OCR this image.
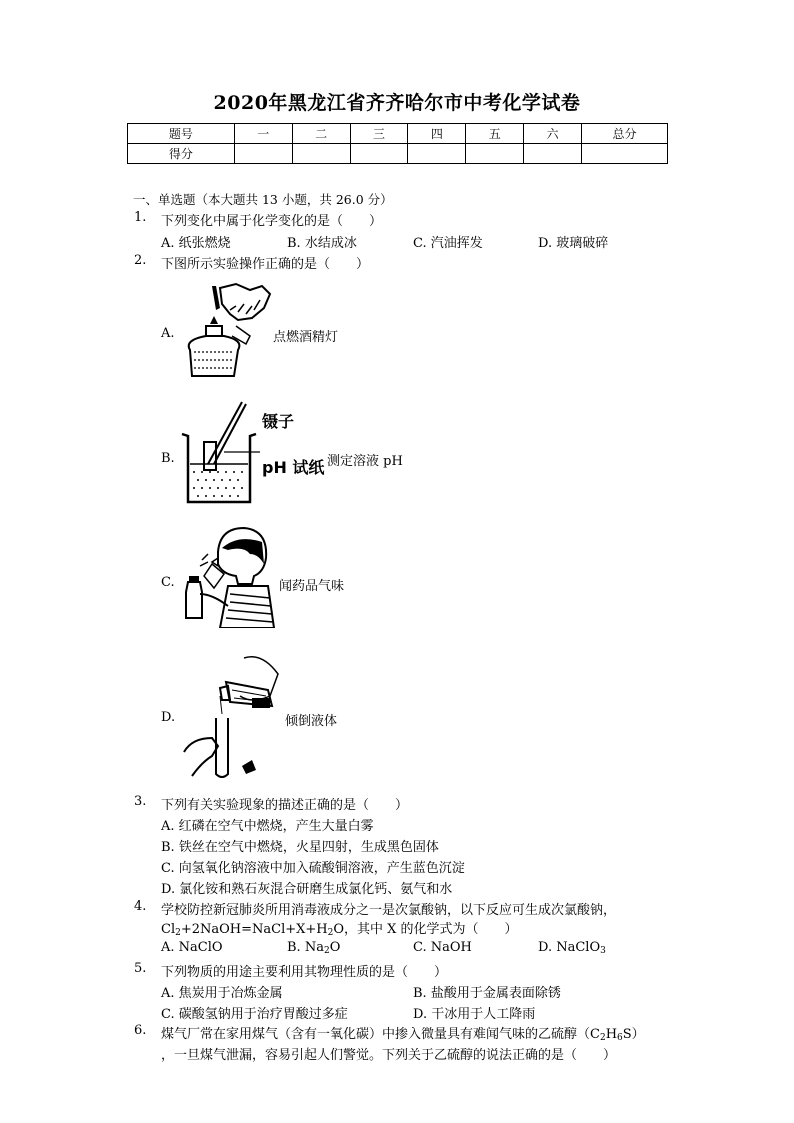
2020年黑龙江省齐齐哈尔市中考化学试卷
题号	一	二	三	四	五	六	总分
得分							
一、单选题（本大题共 13 小题，共 26.0 分）
1. 下列变化中属于化学变化的是（　　）
A. 纸张燃烧	B. 水结成冰	C. 汽油挥发	D. 玻璃破碎
2. 下图所示实验操作正确的是（　　）
A.	点燃酒精灯
B.
镊子
pH 试纸 测定溶液 pH
C.	闻药品气味
D.	倾倒液体
3. 下列有关实验现象的描述正确的是（　　）
A. 红磷在空气中燃烧，产生大量白雾
B. 铁丝在空气中燃烧，火星四射，生成黑色固体
C. 向氢氧化钠溶液中加入硫酸铜溶液，产生蓝色沉淀
D. 氯化铵和熟石灰混合研磨生成氯化钙、氨气和水
4. 学校防控新冠肺炎所用消毒液成分之一是次氯酸钠，以下反应可生成次氯酸钠，
$Cl_2+2NaOH=NaCl+X+H_2O$，其中 X 的化学式为（　　）
A. NaClO	B. $Na_2O$	C. NaOH	D. NaClO$_3$
5. 下列物质的用途主要利用其物理性质的是（　　）
A. 焦炭用于冶炼金属	B. 盐酸用于金属表面除锈
C. 碳酸氢钠用于治疗胃酸过多症	D. 干冰用于人工降雨
6. 煤气厂常在家用煤气（含有一氧化碳）中掺入微量具有难闻气味的乙硫醇$(C_2H_6S)$
，一旦煤气泄漏，容易引起人们警觉。下列关于乙硫醇的说法正确的是（　　）
